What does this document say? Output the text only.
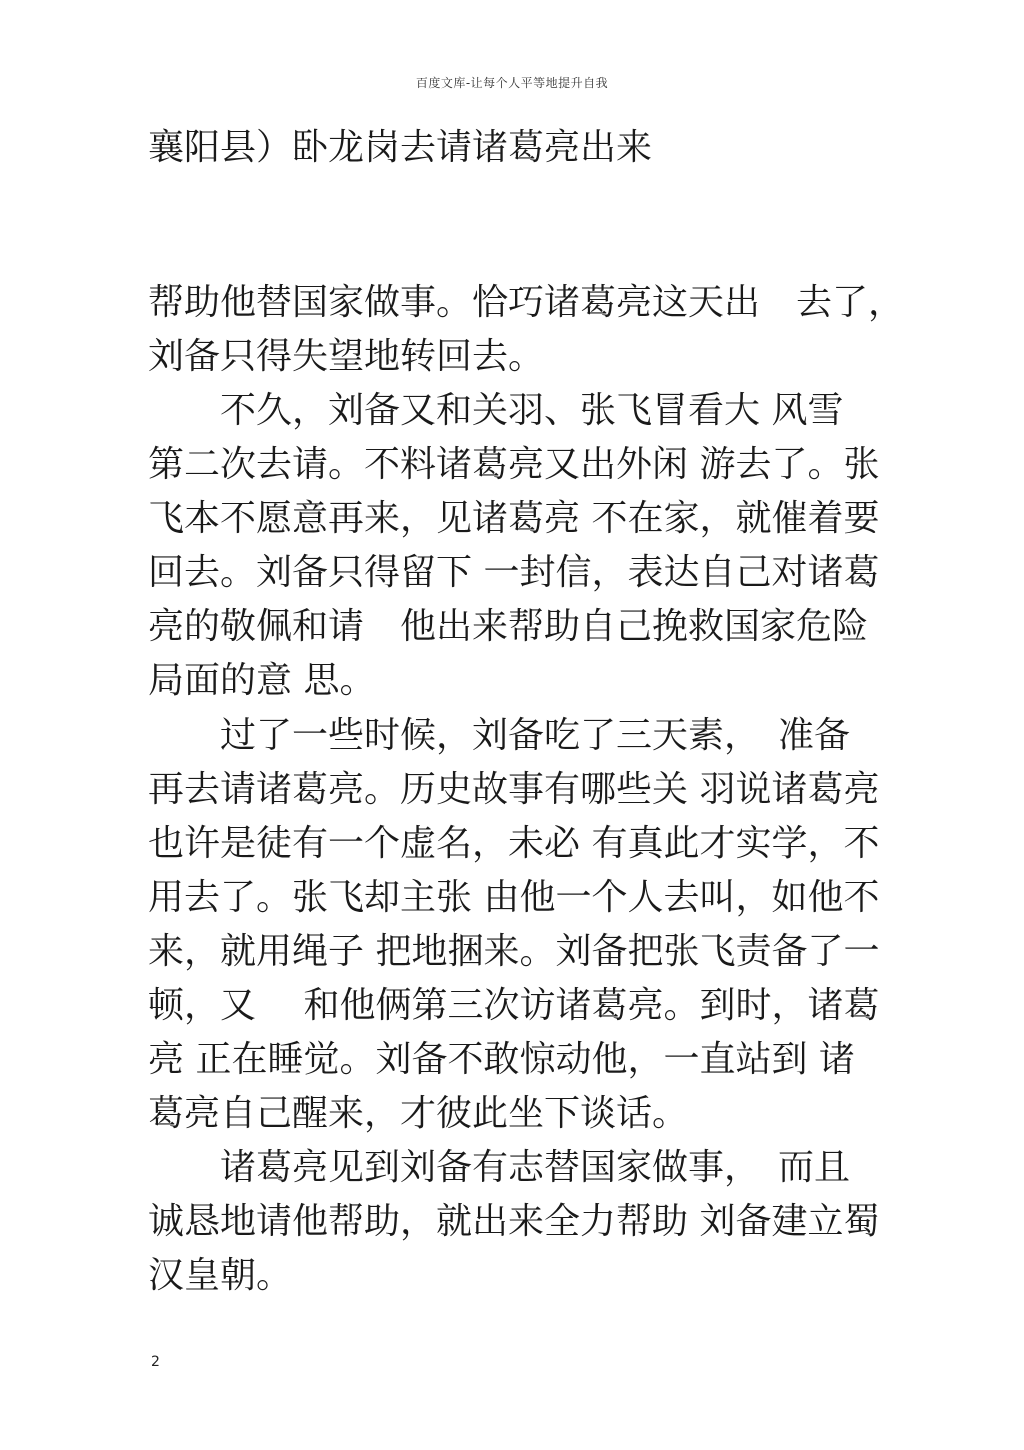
百度文库-让每个人平等地提升自我
襄阳县）卧龙岗去请诸葛亮出来
帮助他替国家做事。恰巧诸葛亮这天出　去了，
刘备只得失望地转回去。
　　不久，刘备又和关羽、张飞冒看大 风雪
第二次去请。不料诸葛亮又出外闲 游去了。张
飞本不愿意再来，见诸葛亮 不在家，就催着要
回去。刘备只得留下 一封信，表达自己对诸葛
亮的敬佩和请　他出来帮助自己挽救国家危险
局面的意 思。
　　过了一些时候，刘备吃了三天素，　准备
再去请诸葛亮。历史故事有哪些关 羽说诸葛亮
也许是徒有一个虚名，未必 有真此才实学，不
用去了。张飞却主张 由他一个人去叫，如他不
来，就用绳子 把地捆来。刘备把张飞责备了一
顿，又　 和他俩第三次访诸葛亮。到时，诸葛
亮 正在睡觉。刘备不敢惊动他，一直站到 诸
葛亮自己醒来，才彼此坐下谈话。
　　诸葛亮见到刘备有志替国家做事，　而且
诚恳地请他帮助，就出来全力帮助 刘备建立蜀
汉皇朝。
2
